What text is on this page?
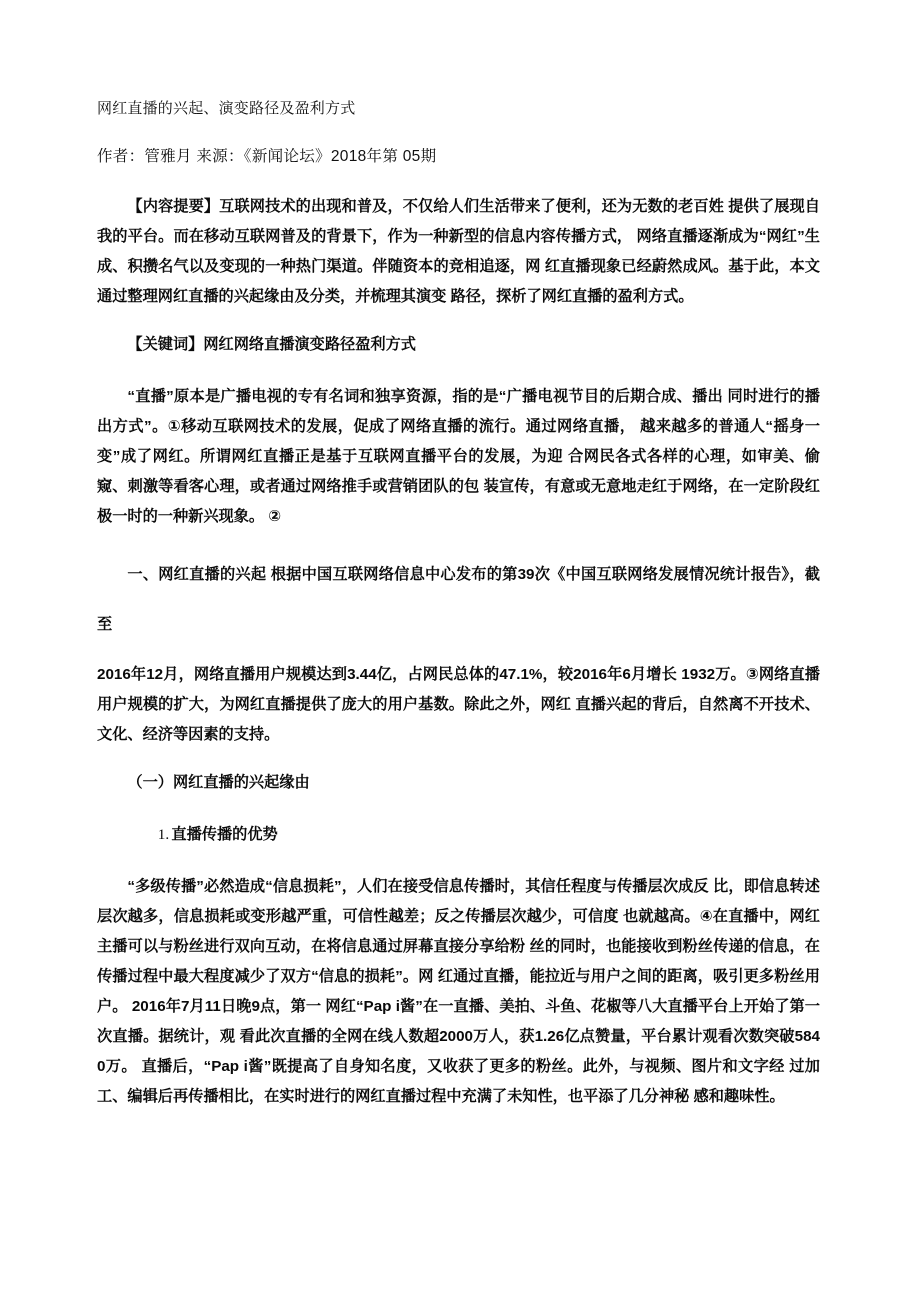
网红直播的兴起、演变路径及盈利方式

作者：管雅月 来源：《新闻论坛》2018年第 05期

【内容提要】互联网技术的出现和普及，不仅给人们生活带来了便利，还为无数的老百姓 提供了展现自我的平台。而在移动互联网普及的背景下，作为一种新型的信息内容传播方式， 网络直播逐渐成为“网红”生成、积攒名气以及变现的一种热门渠道。伴随资本的竞相追逐，网 红直播现象已经蔚然成风。基于此，本文通过整理网红直播的兴起缘由及分类，并梳理其演变 路径，探析了网红直播的盈利方式。

【关键词】网红网络直播演变路径盈利方式

“直播”原本是广播电视的专有名词和独享资源，指的是“广播电视节目的后期合成、播出 同时进行的播出方式”。①移动互联网技术的发展，促成了网络直播的流行。通过网络直播， 越来越多的普通人“摇身一变”成了网红。所谓网红直播正是基于互联网直播平台的发展，为迎 合网民各式各样的心理，如审美、偷窥、刺激等看客心理，或者通过网络推手或营销团队的包 装宣传，有意或无意地走红于网络，在一定阶段红极一时的一种新兴现象。 ②

一、网红直播的兴起 根据中国互联网络信息中心发布的第39次《中国互联网络发展情况统计报告》，截至

2016年12月，网络直播用户规模达到3.44亿，占网民总体的47.1%，较2016年6月增长 1932万。③网络直播用户规模的扩大，为网红直播提供了庞大的用户基数。除此之外，网红 直播兴起的背后，自然离不开技术、文化、经济等因素的支持。

（一）网红直播的兴起缘由

1. 直播传播的优势

“多级传播”必然造成“信息损耗”，人们在接受信息传播时，其信任程度与传播层次成反 比，即信息转述层次越多，信息损耗或变形越严重，可信性越差；反之传播层次越少，可信度 也就越高。④在直播中，网红主播可以与粉丝进行双向互动，在将信息通过屏幕直接分享给粉 丝的同时，也能接收到粉丝传递的信息，在传播过程中最大程度减少了双方“信息的损耗”。网 红通过直播，能拉近与用户之间的距离，吸引更多粉丝用户。 2016年7月11日晚9点，第一 网红“Pap i酱”在一直播、美拍、斗鱼、花椒等八大直播平台上开始了第一次直播。据统计，观 看此次直播的全网在线人数超2000万人，获1.26亿点赞量，平台累计观看次数突破5840万。 直播后，“Pap i酱”既提高了自身知名度，又收获了更多的粉丝。此外，与视频、图片和文字经 过加工、编辑后再传播相比，在实时进行的网红直播过程中充满了未知性，也平添了几分神秘 感和趣味性。
